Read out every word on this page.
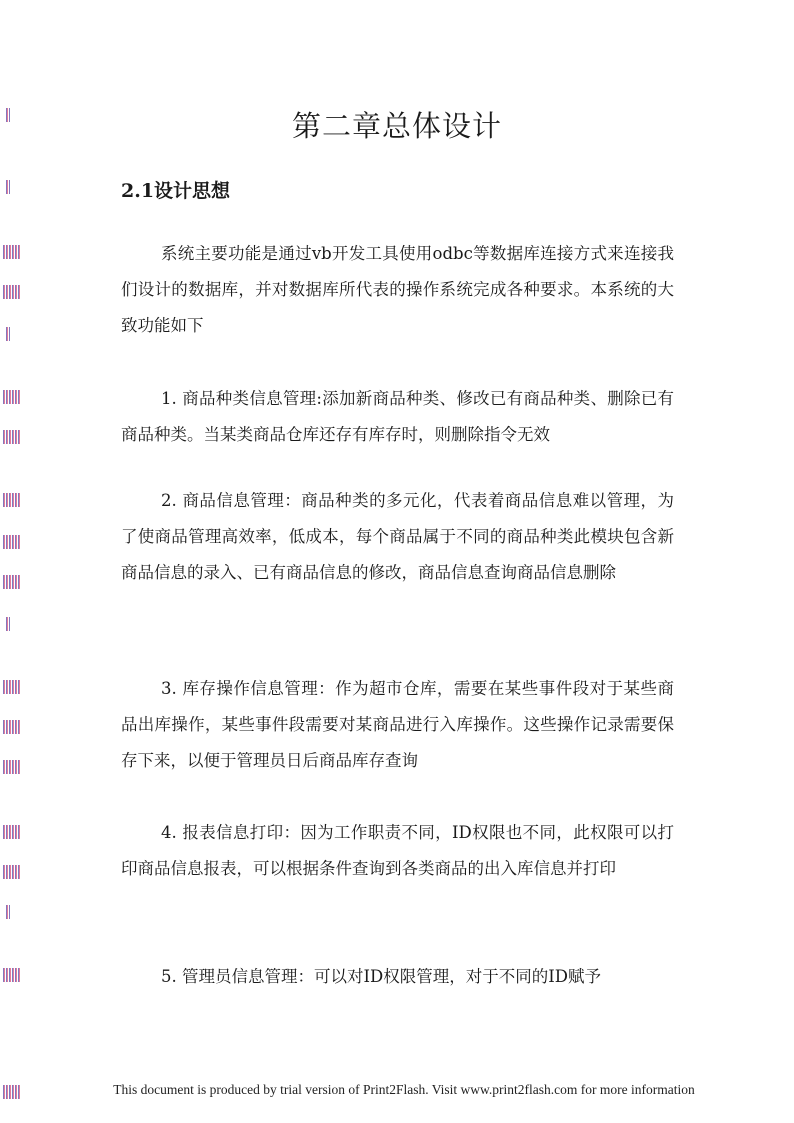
第二章总体设计
2.1设计思想

系统主要功能是通过vb开发工具使用odbc等数据库连接方式来连接我们设计的数据库，并对数据库所代表的操作系统完成各种要求。本系统的大致功能如下

1. 商品种类信息管理:添加新商品种类、修改已有商品种类、删除已有商品种类。当某类商品仓库还存有库存时，则删除指令无效

2. 商品信息管理：商品种类的多元化，代表着商品信息难以管理，为了使商品管理高效率，低成本，每个商品属于不同的商品种类此模块包含新商品信息的录入、已有商品信息的修改，商品信息查询商品信息删除

3. 库存操作信息管理：作为超市仓库，需要在某些事件段对于某些商品出库操作，某些事件段需要对某商品进行入库操作。这些操作记录需要保存下来，以便于管理员日后商品库存查询

4. 报表信息打印：因为工作职责不同，ID权限也不同，此权限可以打印商品信息报表，可以根据条件查询到各类商品的出入库信息并打印

5. 管理员信息管理：可以对ID权限管理，对于不同的ID赋予

This document is produced by trial version of Print2Flash. Visit www.print2flash.com for more information
